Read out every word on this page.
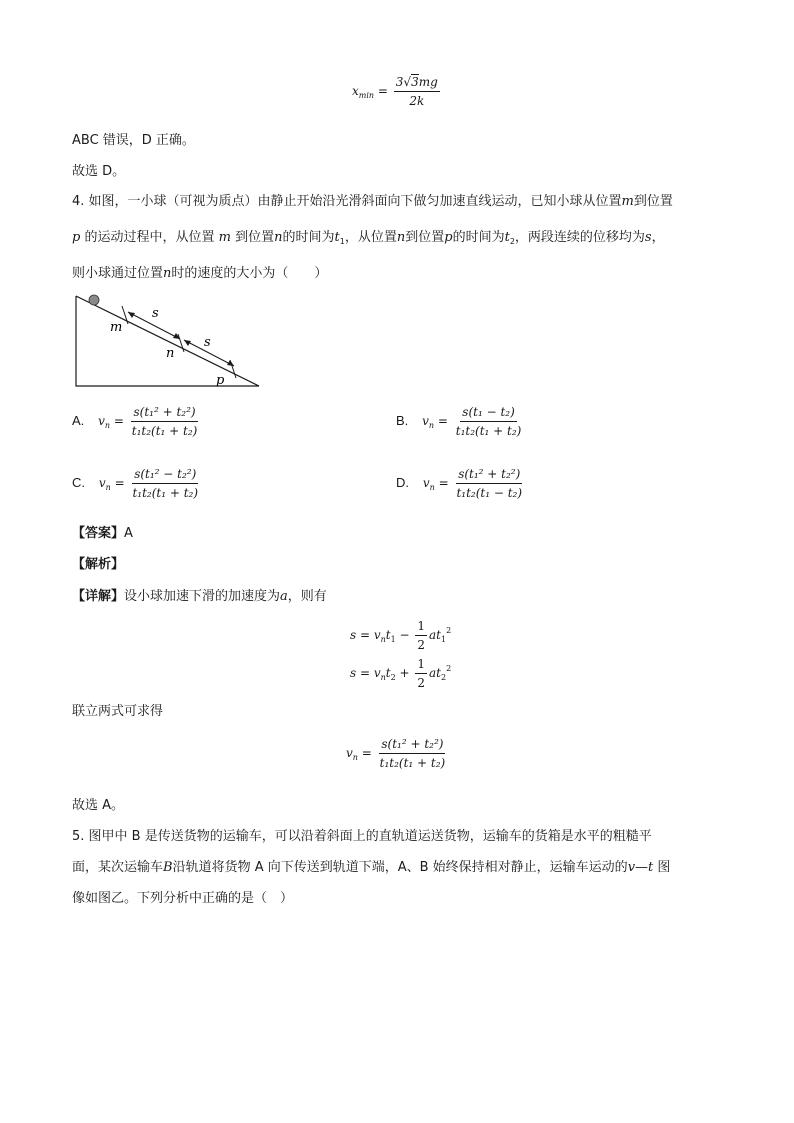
$x_{min} = \frac{3√3mg}{2k}$
ABC 错误，D 正确。
故选 D。
4. 如图，一小球（可视为质点）由静止开始沿光滑斜面向下做匀加速直线运动，已知小球从位置m到位置
p 的运动过程中，从位置 m 到位置n的时间为$t_1$，从位置n到位置p的时间为$t_2$，两段连续的位移均为s，
则小球通过位置n时的速度的大小为（　　）
s
s
m
n
p
A. $v_n = \frac{\text{s(t₁² + t₂²)}}{\text{t₁t₂(t₁ + t₂)}}$	B. $v_n = \frac{\text{s(t₁ − t₂)}}{\text{t₁t₂(t₁ + t₂)}}$
C. $v_n = \frac{\text{s(t₁² − t₂²)}}{\text{t₁t₂(t₁ + t₂)}}$	D. $v_n = \frac{\text{s(t₁² + t₂²)}}{\text{t₁t₂(t₁ − t₂)}}$
【答案】A
【解析】
【详解】设小球加速下滑的加速度为a，则有
$s = v_nt_1 - \frac{1}{2} at_1^2$
$s = v_nt_2 + \frac{1}{2} at_2^2$
联立两式可求得
$v_n = \frac{\text{s(t₁² + t₂²)}}{\text{t₁t₂(t₁ + t₂)}}$
故选 A。
5. 图甲中 B 是传送货物的运输车，可以沿着斜面上的直轨道运送货物，运输车的货箱是水平的粗糙平
面，某次运输车B沿轨道将货物 A 向下传送到轨道下端，A、B 始终保持相对静止，运输车运动的v—t 图
像如图乙。下列分析中正确的是（　）
